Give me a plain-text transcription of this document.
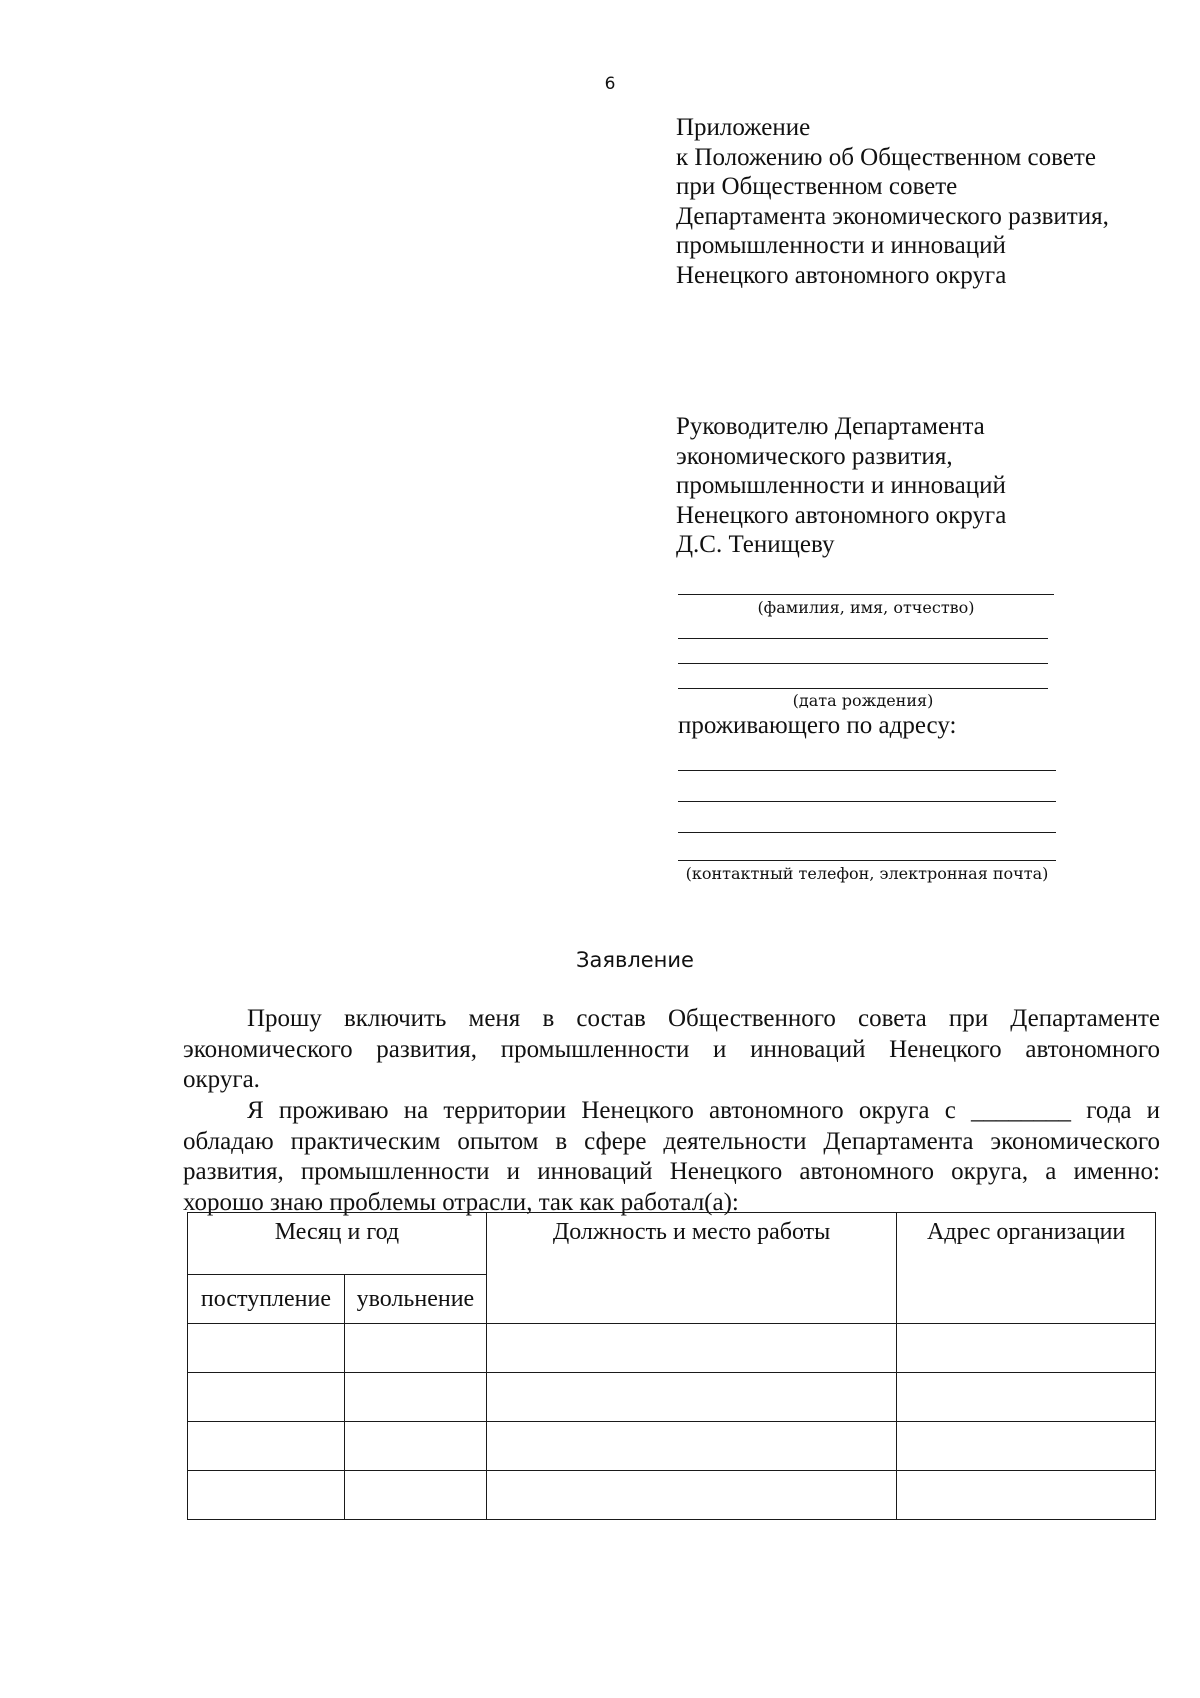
6
Приложение
к Положению об Общественном совете
при Общественном совете
Департамента экономического развития,
промышленности и инноваций
Ненецкого автономного округа
Руководителю Департамента
экономического развития,
промышленности и инноваций
Ненецкого автономного округа
Д.С. Тенищеву
(фамилия, имя, отчество)
(дата рождения)
проживающего по адресу:
(контактный телефон, электронная почта)
Заявление
Прошу включить меня в состав Общественного совета при Департаменте
экономического развития, промышленности и инноваций Ненецкого автономного
округа.
Я проживаю на территории Ненецкого автономного округа с ________ года и
обладаю практическим опытом в сфере деятельности Департамента экономического
развития, промышленности и инноваций Ненецкого автономного округа, а именно:
хорошо знаю проблемы отрасли, так как работал(а):
Месяц и год		Должность и место работы	Адрес организации
поступление	увольнение		
